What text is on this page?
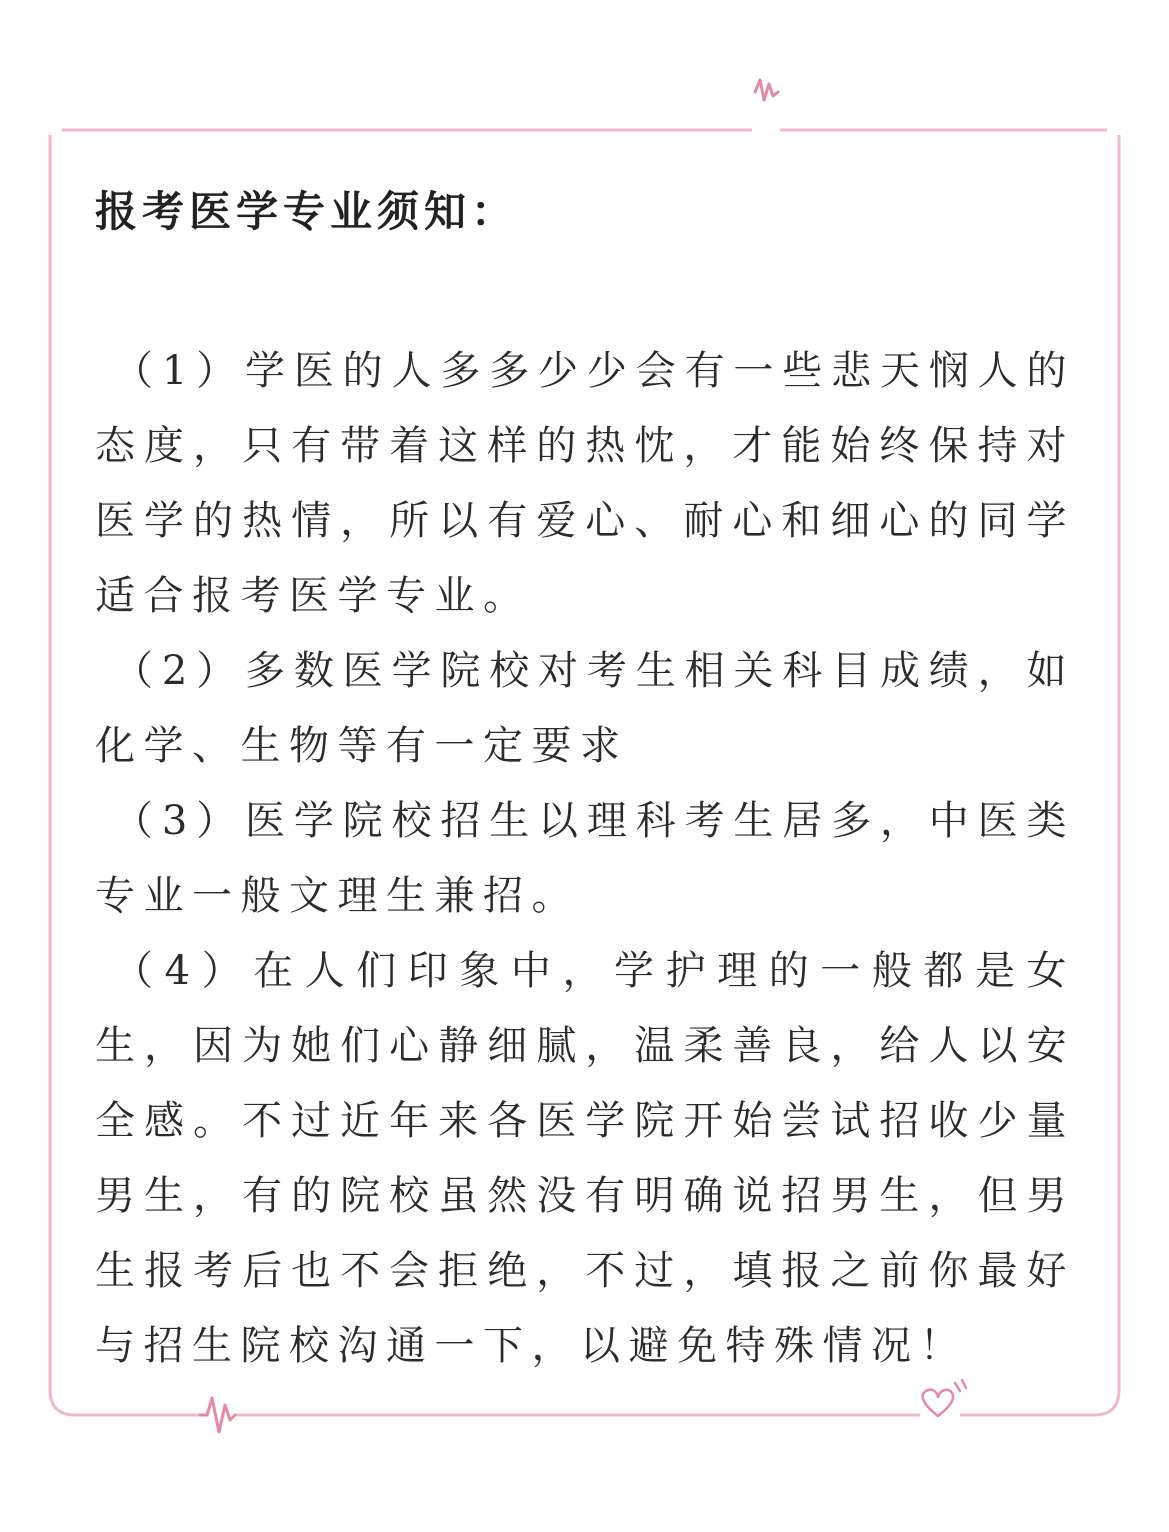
报考医学专业须知：

（1）学医的人多多少少会有一些悲天悯人的态度，只有带着这样的热忱，才能始终保持对医学的热情，所以有爱心、耐心和细心的同学适合报考医学专业。

（2）多数医学院校对考生相关科目成绩，如化学、生物等有一定要求

（3）医学院校招生以理科考生居多，中医类专业一般文理生兼招。

（4）在人们印象中，学护理的一般都是女生，因为她们心静细腻，温柔善良，给人以安全感。不过近年来各医学院开始尝试招收少量男生，有的院校虽然没有明确说招男生，但男生报考后也不会拒绝，不过，填报之前你最好与招生院校沟通一下，以避免特殊情况！
